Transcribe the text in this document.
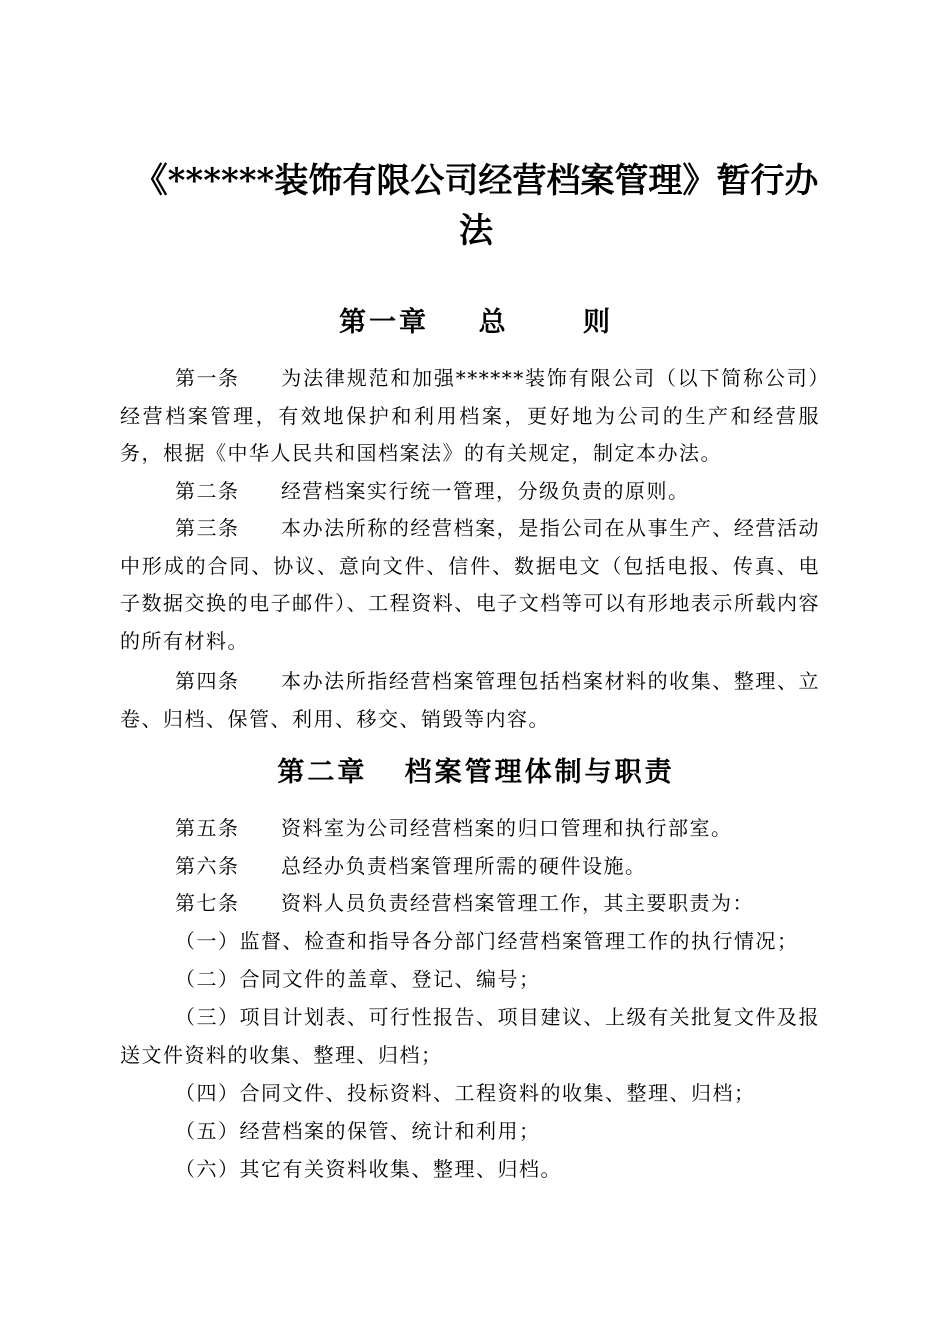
《******装饰有限公司经营档案管理》暂行办法
第一章    总      则

第一条 为法律规范和加强******装饰有限公司（以下简称公司）经营档案管理，有效地保护和利用档案，更好地为公司的生产和经营服务，根据《中华人民共和国档案法》的有关规定，制定本办法。

第二条 经营档案实行统一管理，分级负责的原则。

第三条 本办法所称的经营档案，是指公司在从事生产、经营活动中形成的合同、协议、意向文件、信件、数据电文（包括电报、传真、电子数据交换的电子邮件）、工程资料、电子文档等可以有形地表示所载内容的所有材料。

第四条 本办法所指经营档案管理包括档案材料的收集、整理、立卷、归档、保管、利用、移交、销毁等内容。

第二章   档案管理体制与职责

第五条 资料室为公司经营档案的归口管理和执行部室。

第六条 总经办负责档案管理所需的硬件设施。

第七条 资料人员负责经营档案管理工作，其主要职责为：

（一）监督、检查和指导各分部门经营档案管理工作的执行情况；

（二）合同文件的盖章、登记、编号；

（三）项目计划表、可行性报告、项目建议、上级有关批复文件及报送文件资料的收集、整理、归档；

（四）合同文件、投标资料、工程资料的收集、整理、归档；

（五）经营档案的保管、统计和利用；

（六）其它有关资料收集、整理、归档。
